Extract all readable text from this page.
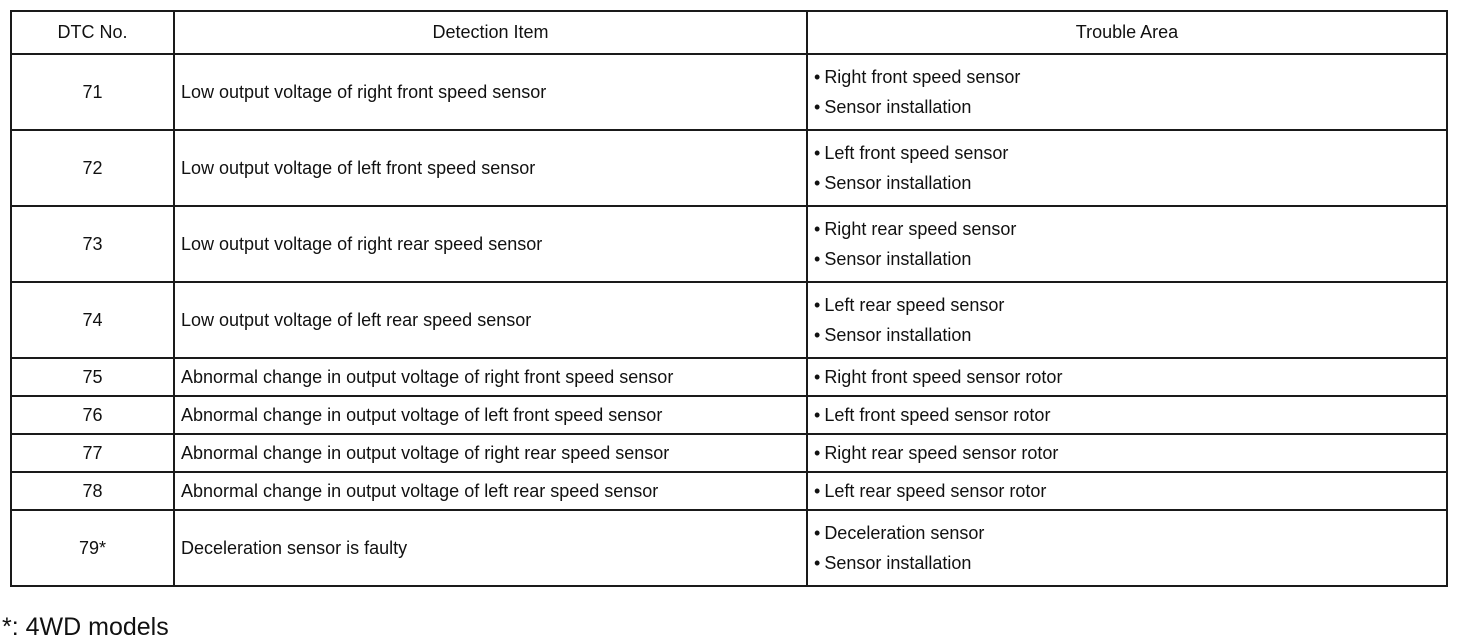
DTC No.	Detection Item	Trouble Area
71	Low output voltage of right front speed sensor	• Right front speed sensor
• Sensor installation

72	Low output voltage of left front speed sensor	• Left front speed sensor
• Sensor installation

73	Low output voltage of right rear speed sensor	• Right rear speed sensor
• Sensor installation

74	Low output voltage of left rear speed sensor	• Left rear speed sensor
• Sensor installation

75	Abnormal change in output voltage of right front speed sensor	• Right front speed sensor rotor

76	Abnormal change in output voltage of left front speed sensor	• Left front speed sensor rotor

77	Abnormal change in output voltage of right rear speed sensor	• Right rear speed sensor rotor

78	Abnormal change in output voltage of left rear speed sensor	• Left rear speed sensor rotor

79*	Deceleration sensor is faulty	• Deceleration sensor
• Sensor installation
*: 4WD models
